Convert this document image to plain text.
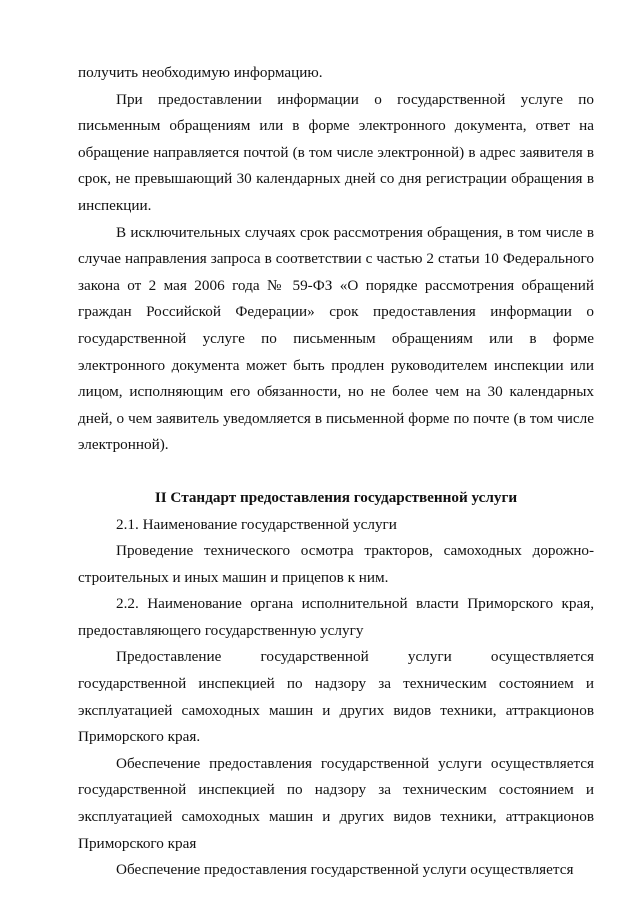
получить необходимую информацию.

При предоставлении информации о государственной услуге по письменным обращениям или в форме электронного документа, ответ на обращение направляется почтой (в том числе электронной) в адрес заявителя в срок, не превышающий 30 календарных дней со дня регистрации обращения в инспекции.

В исключительных случаях срок рассмотрения обращения, в том числе в случае направления запроса в соответствии с частью 2 статьи 10 Федерального закона от 2 мая 2006 года № 59-ФЗ «О порядке рассмотрения обращений граждан Российской Федерации» срок предоставления информации о государственной услуге по письменным обращениям или в форме электронного документа может быть продлен руководителем инспекции или лицом, исполняющим его обязанности, но не более чем на 30 календарных дней, о чем заявитель уведомляется в письменной форме по почте (в том числе электронной).

II Стандарт предоставления государственной услуги

2.1. Наименование государственной услуги

Проведение технического осмотра тракторов, самоходных дорожно-строительных и иных машин и прицепов к ним.

2.2. Наименование органа исполнительной власти Приморского края, предоставляющего государственную услугу

Предоставление государственной услуги осуществляется государственной инспекцией по надзору за техническим состоянием и эксплуатацией самоходных машин и других видов техники, аттракционов Приморского края.

Обеспечение предоставления государственной услуги осуществляется государственной инспекцией по надзору за техническим состоянием и эксплуатацией самоходных машин и других видов техники, аттракционов Приморского края

Обеспечение предоставления государственной услуги осуществляется
